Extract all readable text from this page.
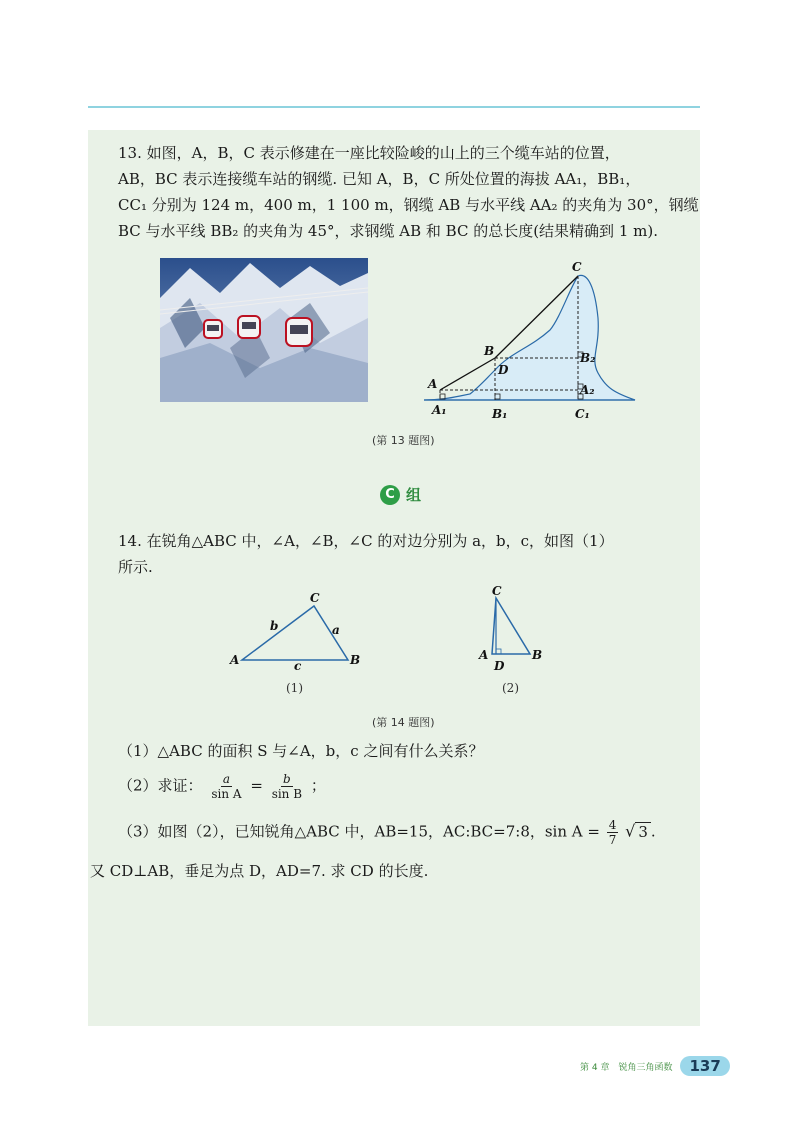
13. 如图，A，B，C 表示修建在一座比较险峻的山上的三个缆车站的位置，
AB，BC 表示连接缆车站的钢缆. 已知 A，B，C 所处位置的海拔 AA₁，BB₁，
CC₁ 分别为 124 m，400 m，1 100 m，钢缆 AB 与水平线 AA₂ 的夹角为 30°，钢缆
BC 与水平线 BB₂ 的夹角为 45°，求钢缆 AB 和 BC 的总长度(结果精确到 1 m).
C
B
A
D
A₁	B₁	C₁
A₂
B₂
(第 13 题图)
C 组
14. 在锐角△ABC 中，∠A，∠B，∠C 的对边分别为 a，b，c，如图（1）
所示.
C
A	B
b	a
c
(1)
C
A	B
D
(2)
(第 14 题图)
（1）△ABC 的面积 S 与∠A，b，c 之间有什么关系？
（2）求证： $\frac{a}{\text{sin A}} = \frac{b}{\text{sin B}}$ ；
（3）如图（2），已知锐角△ABC 中，AB=15，AC:BC=7:8，$\sin A = \frac{4}{7}$ √ 3 .
又 CD⊥AB，垂足为点 D，AD=7. 求 CD 的长度.
第 4 章　锐角三角函数	137
